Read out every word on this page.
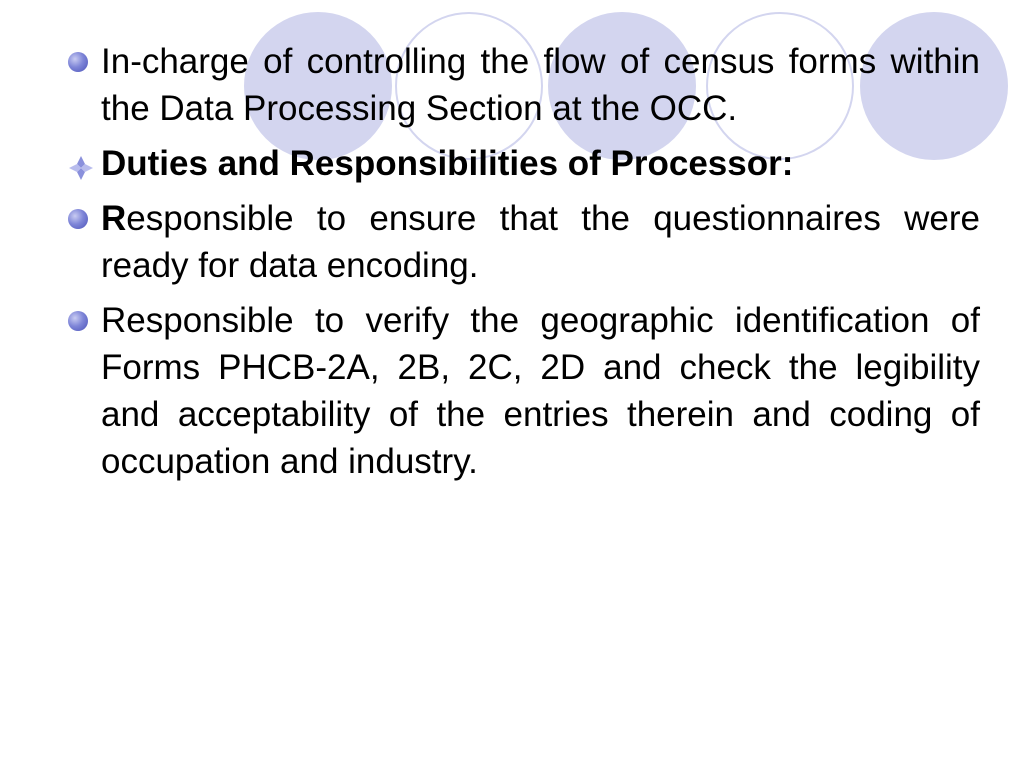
In-charge of controlling the flow of census forms within the Data Processing Section at the OCC.
Duties and Responsibilities of Processor:
Responsible to ensure that the questionnaires were ready for data encoding.
Responsible to verify the geographic identification of Forms PHCB-2A, 2B, 2C, 2D and check the legibility and acceptability of the entries therein and coding of occupation and industry.
